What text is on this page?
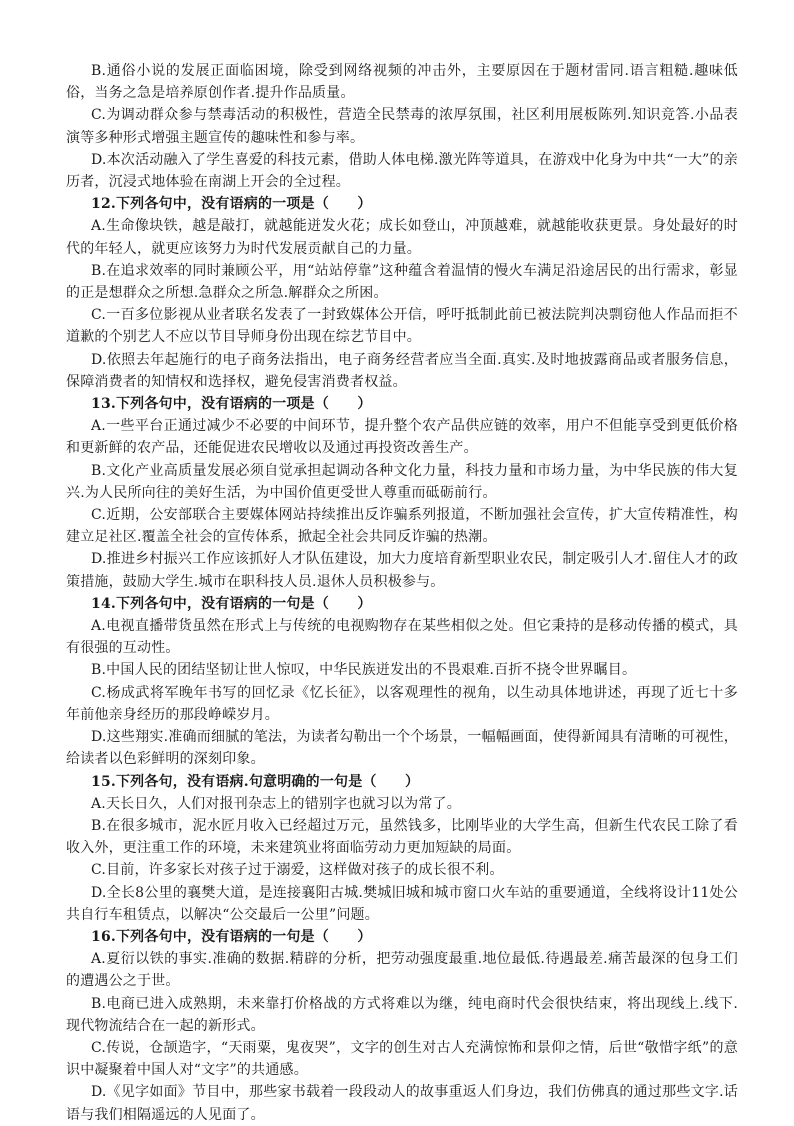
B.通俗小说的发展正面临困境，除受到网络视频的冲击外，主要原因在于题材雷同.语言粗糙.趣味低俗，当务之急是培养原创作者.提升作品质量。

C.为调动群众参与禁毒活动的积极性，营造全民禁毒的浓厚氛围，社区利用展板陈列.知识竞答.小品表演等多种形式增强主题宣传的趣味性和参与率。

D.本次活动融入了学生喜爱的科技元素，借助人体电梯.激光阵等道具，在游戏中化身为中共“一大”的亲历者，沉浸式地体验在南湖上开会的全过程。

12.下列各句中，没有语病的一项是（　　）

A.生命像块铁，越是敲打，就越能迸发火花；成长如登山，冲顶越难，就越能收获更景。身处最好的时代的年轻人，就更应该努力为时代发展贡献自己的力量。

B.在追求效率的同时兼顾公平，用“站站停靠”这种蕴含着温情的慢火车满足沿途居民的出行需求，彰显的正是想群众之所想.急群众之所急.解群众之所困。

C.一百多位影视从业者联名发表了一封致媒体公开信，呼吁抵制此前已被法院判决剽窃他人作品而拒不道歉的个别艺人不应以节目导师身份出现在综艺节目中。

D.依照去年起施行的电子商务法指出，电子商务经营者应当全面.真实.及时地披露商品或者服务信息，保障消费者的知情权和选择权，避免侵害消费者权益。

13.下列各句中，没有语病的一项是（　　）

A.一些平台正通过减少不必要的中间环节，提升整个农产品供应链的效率，用户不但能享受到更低价格和更新鲜的农产品，还能促进农民增收以及通过再投资改善生产。

B.文化产业高质量发展必须自觉承担起调动各种文化力量，科技力量和市场力量，为中华民族的伟大复兴.为人民所向往的美好生活，为中国价值更受世人尊重而砥砺前行。

C.近期，公安部联合主要媒体网站持续推出反诈骗系列报道，不断加强社会宣传，扩大宣传精准性，构建立足社区.覆盖全社会的宣传体系，掀起全社会共同反诈骗的热潮。

D.推进乡村振兴工作应该抓好人才队伍建设，加大力度培育新型职业农民，制定吸引人才.留住人才的政策措施，鼓励大学生.城市在职科技人员.退休人员积极参与。

14.下列各句中，没有语病的一句是（　　）

A.电视直播带货虽然在形式上与传统的电视购物存在某些相似之处。但它秉持的是移动传播的模式，具有很强的互动性。

B.中国人民的团结坚韧让世人惊叹，中华民族迸发出的不畏艰难.百折不挠令世界瞩目。

C.杨成武将军晚年书写的回忆录《忆长征》，以客观理性的视角，以生动具体地讲述，再现了近七十多年前他亲身经历的那段峥嵘岁月。

D.这些翔实.准确而细腻的笔法，为读者勾勒出一个个场景，一幅幅画面，使得新闻具有清晰的可视性，给读者以色彩鲜明的深刻印象。

15.下列各句，没有语病.句意明确的一句是（　　）

A.天长日久，人们对报刊杂志上的错别字也就习以为常了。

B.在很多城市，泥水匠月收入已经超过万元，虽然钱多，比刚毕业的大学生高，但新生代农民工除了看收入外，更注重工作的环境，未来建筑业将面临劳动力更加短缺的局面。

C.目前，许多家长对孩子过于溺爱，这样做对孩子的成长很不利。

D.全长8公里的襄樊大道，是连接襄阳古城.樊城旧城和城市窗口火车站的重要通道，全线将设计11处公共自行车租赁点，以解决“公交最后一公里”问题。

16.下列各句中，没有语病的一句是（　　）

A.夏衍以铁的事实.准确的数据.精辟的分析，把劳动强度最重.地位最低.待遇最差.痛苦最深的包身工们的遭遇公之于世。

B.电商已进入成熟期，未来靠打价格战的方式将难以为继，纯电商时代会很快结束，将出现线上.线下.现代物流结合在一起的新形式。

C.传说，仓颉造字，“天雨粟，鬼夜哭”，文字的创生对古人充满惊怖和景仰之情，后世“敬惜字纸”的意识中凝聚着中国人对“文字”的共通感。

D.《见字如面》节目中，那些家书载着一段段动人的故事重返人们身边，我们仿佛真的通过那些文字.话语与我们相隔遥远的人见面了。
